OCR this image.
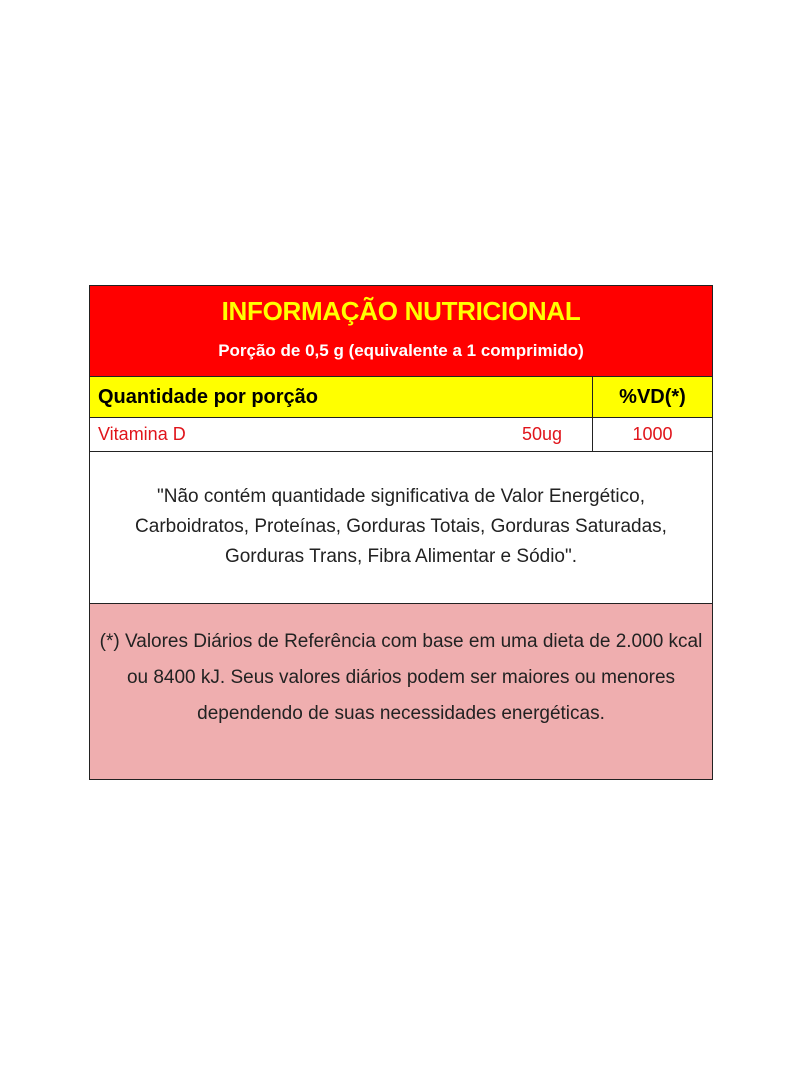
INFORMAÇÃO NUTRICIONAL
Porção de 0,5 g (equivalente a 1 comprimido)
Quantidade por porção	%VD(*)
Vitamina D	50ug	1000
"Não contém quantidade significativa de Valor Energético, Carboidratos, Proteínas, Gorduras Totais, Gorduras Saturadas, Gorduras Trans, Fibra Alimentar e Sódio".
(*) Valores Diários de Referência com base em uma dieta de 2.000 kcal ou 8400 kJ. Seus valores diários podem ser maiores ou menores dependendo de suas necessidades energéticas.
